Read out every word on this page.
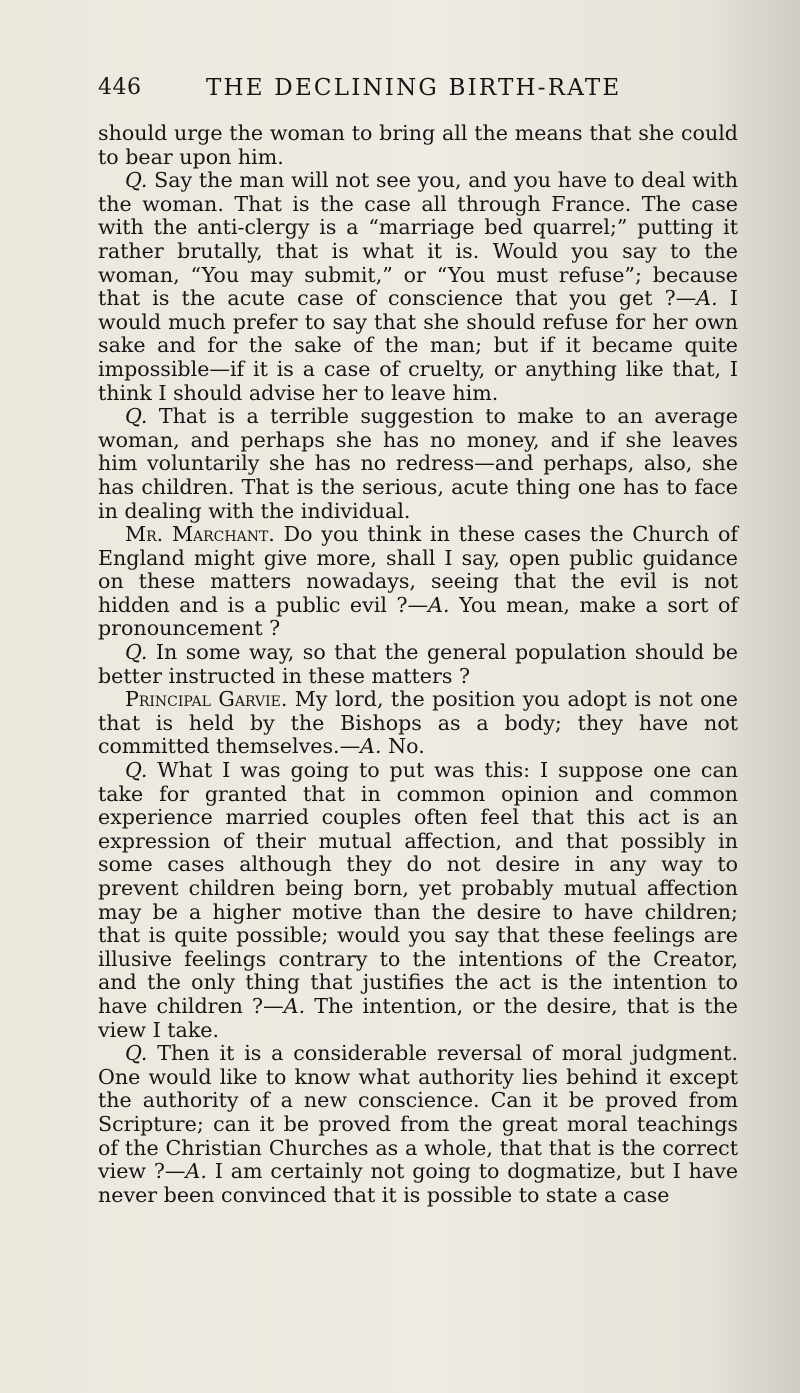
446	THE DECLINING BIRTH-RATE

should urge the woman to bring all the means that she could to bear upon him.

Q. Say the man will not see you, and you have to deal with the woman. That is the case all through France. The case with the anti-clergy is a “marriage bed quarrel;” putting it rather brutally, that is what it is. Would you say to the woman, “You may submit,” or “You must refuse”; because that is the acute case of conscience that you get ?—A. I would much prefer to say that she should refuse for her own sake and for the sake of the man; but if it became quite impossible—if it is a case of cruelty, or anything like that, I think I should advise her to leave him.

Q. That is a terrible suggestion to make to an average woman, and perhaps she has no money, and if she leaves him voluntarily she has no redress—and perhaps, also, she has children. That is the serious, acute thing one has to face in dealing with the individual.

Mr. Marchant. Do you think in these cases the Church of England might give more, shall I say, open public guidance on these matters nowadays, seeing that the evil is not hidden and is a public evil ?—A. You mean, make a sort of pronouncement ?

Q. In some way, so that the general population should be better instructed in these matters ?

Principal Garvie. My lord, the position you adopt is not one that is held by the Bishops as a body; they have not committed themselves.—A. No.

Q. What I was going to put was this: I suppose one can take for granted that in common opinion and common experience married couples often feel that this act is an expression of their mutual affection, and that possibly in some cases although they do not desire in any way to prevent children being born, yet probably mutual affection may be a higher motive than the desire to have children; that is quite possible; would you say that these feelings are illusive feelings contrary to the intentions of the Creator, and the only thing that justifies the act is the intention to have children ?—A. The intention, or the desire, that is the view I take.

Q. Then it is a considerable reversal of moral judgment. One would like to know what authority lies behind it except the authority of a new conscience. Can it be proved from Scripture; can it be proved from the great moral teachings of the Christian Churches as a whole, that that is the correct view ?—A. I am certainly not going to dogmatize, but I have never been convinced that it is possible to state a case
